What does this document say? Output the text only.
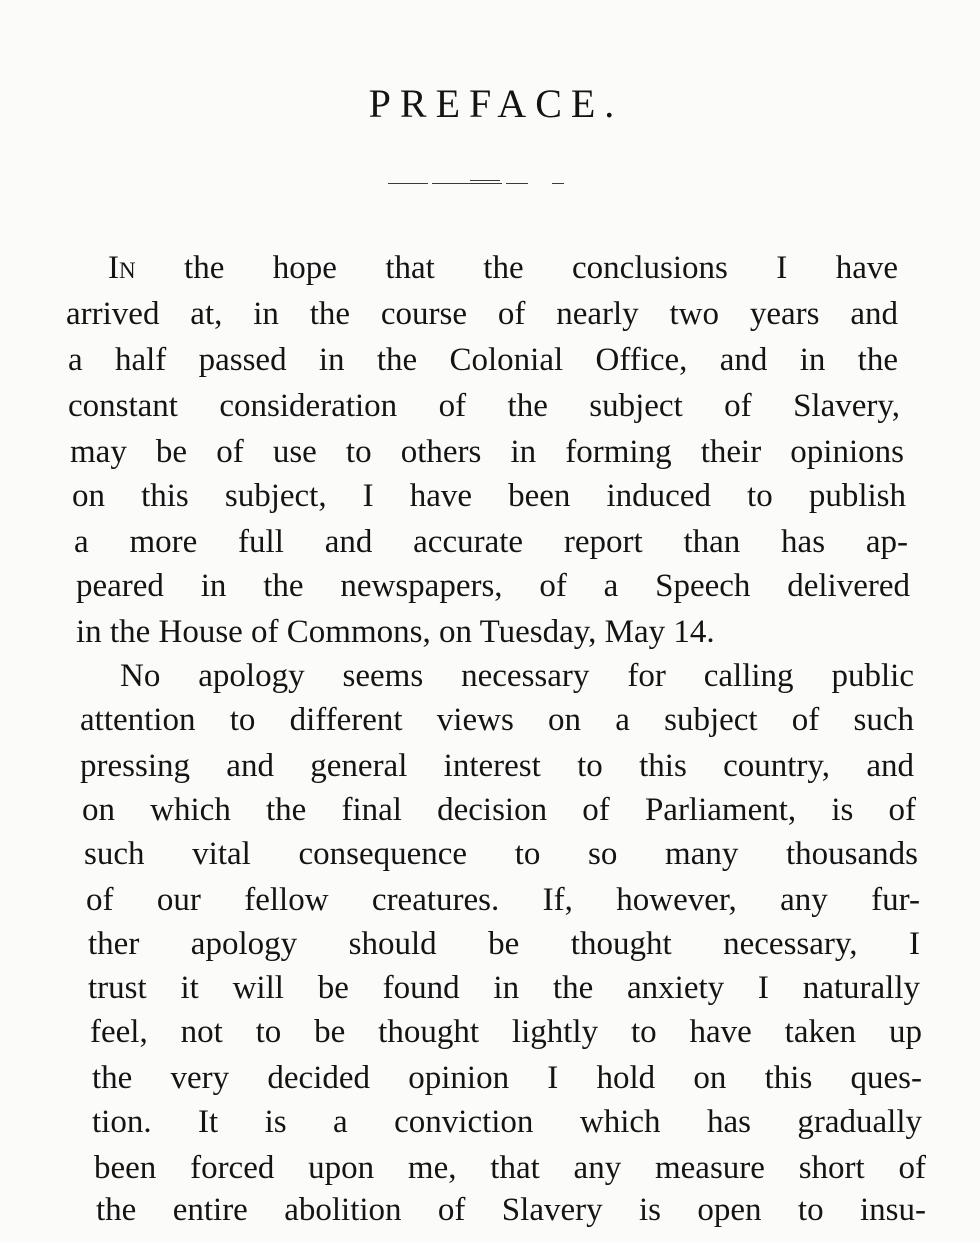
PREFACE.
In the hope that the conclusions I have
arrived at, in the course of nearly two years and
a half passed in the Colonial Office, and in the
constant consideration of the subject of Slavery,
may be of use to others in forming their opinions
on this subject, I have been induced to publish
a more full and accurate report than has ap-
peared in the newspapers, of a Speech delivered
in the House of Commons, on Tuesday, May 14.
No apology seems necessary for calling public
attention to different views on a subject of such
pressing and general interest to this country, and
on which the final decision of Parliament, is of
such vital consequence to so many thousands
of our fellow creatures. If, however, any fur-
ther apology should be thought necessary, I
trust it will be found in the anxiety I naturally
feel, not to be thought lightly to have taken up
the very decided opinion I hold on this ques-
tion. It is a conviction which has gradually
been forced upon me, that any measure short of
the entire abolition of Slavery is open to insu-
